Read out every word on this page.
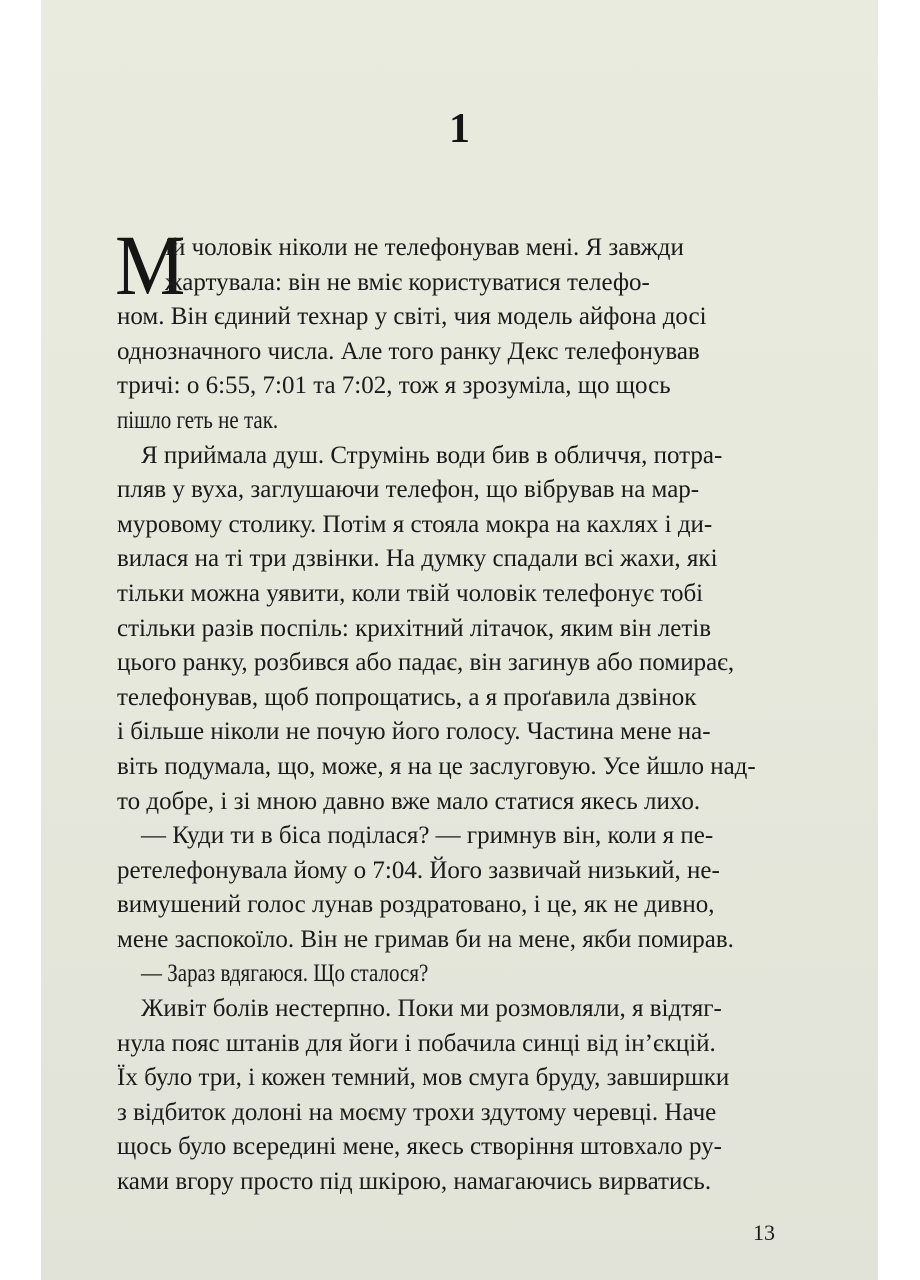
1
М
ій чоловік ніколи не телефонував мені. Я завжди
жартувала: він не вміє користуватися телефо-
ном. Він єдиний технар у світі, чия модель айфона досі
однозначного числа. Але того ранку Декс телефонував
тричі: о 6:55, 7:01 та 7:02, тож я зрозуміла, що щось
пішло геть не так.
Я приймала душ. Струмінь води бив в обличчя, потра-
пляв у вуха, заглушаючи телефон, що вібрував на мар-
муровому столику. Потім я стояла мокра на кахлях і ди-
вилася на ті три дзвінки. На думку спадали всі жахи, які
тільки можна уявити, коли твій чоловік телефонує тобі
стільки разів поспіль: крихітний літачок, яким він летів
цього ранку, розбився або падає, він загинув або помирає,
телефонував, щоб попрощатись, а я проґавила дзвінок
і більше ніколи не почую його голосу. Частина мене на-
віть подумала, що, може, я на це заслуговую. Усе йшло над-
то добре, і зі мною давно вже мало статися якесь лихо.
— Куди ти в біса поділася? — гримнув він, коли я пе-
ретелефонувала йому о 7:04. Його зазвичай низький, не-
вимушений голос лунав роздратовано, і це, як не дивно,
мене заспокоїло. Він не гримав би на мене, якби помирав.
— Зараз вдягаюся. Що сталося?
Живіт болів нестерпно. Поки ми розмовляли, я відтяг-
нула пояс штанів для йоги і побачила синці від ін’єкцій.
Їх було три, і кожен темний, мов смуга бруду, завширшки
з відбиток долоні на моєму трохи здутому черевці. Наче
щось було всередині мене, якесь створіння штовхало ру-
ками вгору просто під шкірою, намагаючись вирватись.
13
